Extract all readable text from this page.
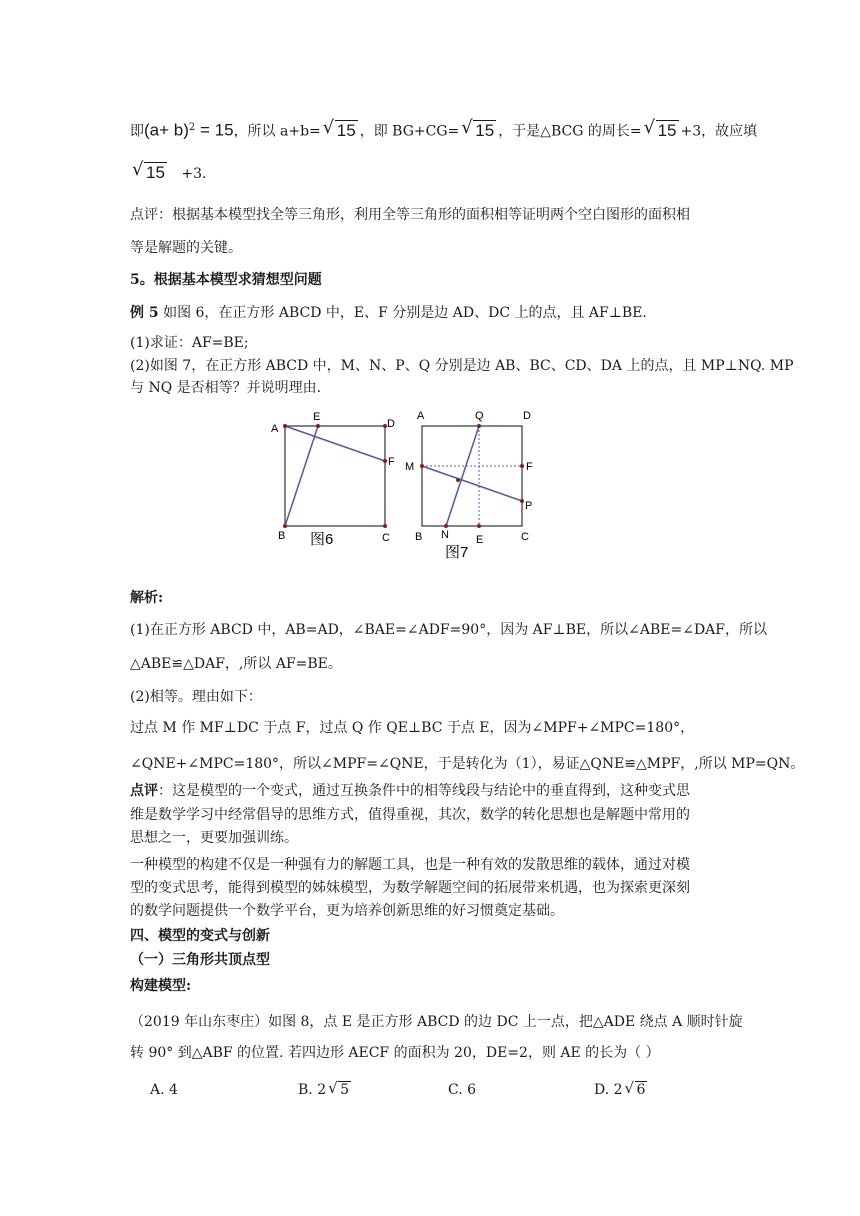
即$(a+ b)^2 = 15$，所以 a+b= √ 15 ，即 BG+CG= √ 15 ，于是△BCG 的周长= √ 15 +3，故应填
√ 15 +3.
点评：根据基本模型找全等三角形，利用全等三角形的面积相等证明两个空白图形的面积相
等是解题的关键。
5。根据基本模型求猜想型问题
例 5 如图 6，在正方形 ABCD 中，E、F 分别是边 AD、DC 上的点，且 AF⊥BE.
(1)求证：AF=BE;
(2)如图 7，在正方形 ABCD 中，M、N、P、Q 分别是边 AB、BC、CD、DA 上的点，且 MP⊥NQ. MP
与 NQ 是否相等？并说明理由.
A
E
D
F
B	C
图6
A	Q	D
M	F
P
B N E	C
图7
解析:
(1)在正方形 ABCD 中，AB=AD，∠BAE=∠ADF=90°，因为 AF⊥BE，所以∠ABE=∠DAF，所以
△ABE≌△DAF，,所以 AF=BE。
(2)相等。理由如下：
过点 M 作 MF⊥DC 于点 F，过点 Q 作 QE⊥BC 于点 E，因为∠MPF+∠MPC=180°，
∠QNE+∠MPC=180°，所以∠MPF=∠QNE，于是转化为（1），易证△QNE≌△MPF，,所以 MP=QN。
点评：这是模型的一个变式，通过互换条件中的相等线段与结论中的垂直得到，这种变式思
维是数学学习中经常倡导的思维方式，值得重视，其次，数学的转化思想也是解题中常用的
思想之一，更要加强训练。
一种模型的构建不仅是一种强有力的解题工具，也是一种有效的发散思维的载体，通过对模
型的变式思考，能得到模型的姊妹模型，为数学解题空间的拓展带来机遇，也为探索更深刻
的数学问题提供一个数学平台，更为培养创新思维的好习惯奠定基础。
四、模型的变式与创新
（一）三角形共顶点型
构建模型:
（2019 年山东枣庄）如图 8，点 E 是正方形 ABCD 的边 DC 上一点，把△ADE 绕点 A 顺时针旋
转 90° 到△ABF 的位置. 若四边形 AECF 的面积为 20，DE=2，则 AE 的长为（ ）
A. 4	B. 2 √ 5	C. 6	D. 2 √ 6
